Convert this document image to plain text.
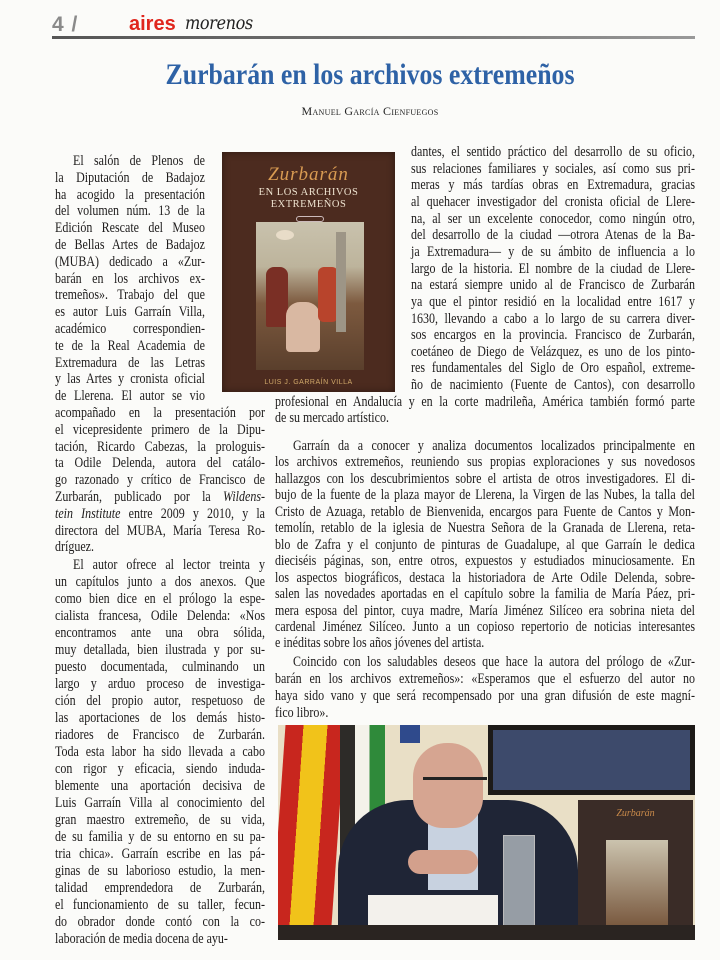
4 /	aires morenos
Zurbarán en los archivos extremeños
Manuel García Cienfuegos
Zurbarán
EN LOS ARCHIVOS
EXTREMEÑOS
LUIS J. GARRAÍN VILLA
El salón de Plenos de
la Diputación de Badajoz
ha acogido la presentación
del volumen núm. 13 de la
Edición Rescate del Museo
de Bellas Artes de Badajoz
(MUBA) dedicado a «Zur-
barán en los archivos ex-
tremeños». Trabajo del que
es autor Luis Garraín Villa,
académico correspondien-
te de la Real Academia de
Extremadura de las Letras
y las Artes y cronista oficial
de Llerena. El autor se vio
acompañado en la presentación por
el vicepresidente primero de la Dipu-
tación, Ricardo Cabezas, la prologuis-
ta Odile Delenda, autora del catálo-
go razonado y crítico de Francisco de
Zurbarán, publicado por la Wildens-
tein Institute entre 2009 y 2010, y la
directora del MUBA, María Teresa Ro-
dríguez.
El autor ofrece al lector treinta y
un capítulos junto a dos anexos. Que
como bien dice en el prólogo la espe-
cialista francesa, Odile Delenda: «Nos
encontramos ante una obra sólida,
muy detallada, bien ilustrada y por su-
puesto documentada, culminando un
largo y arduo proceso de investiga-
ción del propio autor, respetuoso de
las aportaciones de los demás histo-
riadores de Francisco de Zurbarán.
Toda esta labor ha sido llevada a cabo
con rigor y eficacia, siendo induda-
blemente una aportación decisiva de
Luis Garraín Villa al conocimiento del
gran maestro extremeño, de su vida,
de su familia y de su entorno en su pa-
tria chica». Garraín escribe en las pá-
ginas de su laborioso estudio, la men-
talidad emprendedora de Zurbarán,
el funcionamiento de su taller, fecun-
do obrador donde contó con la co-
laboración de media docena de ayu-
dantes, el sentido práctico del desarrollo de su oficio,
sus relaciones familiares y sociales, así como sus pri-
meras y más tardías obras en Extremadura, gracias
al quehacer investigador del cronista oficial de Llere-
na, al ser un excelente conocedor, como ningún otro,
del desarrollo de la ciudad —otrora Atenas de la Ba-
ja Extremadura— y de su ámbito de influencia a lo
largo de la historia. El nombre de la ciudad de Llere-
na estará siempre unido al de Francisco de Zurbarán
ya que el pintor residió en la localidad entre 1617 y
1630, llevando a cabo a lo largo de su carrera diver-
sos encargos en la provincia. Francisco de Zurbarán,
coetáneo de Diego de Velázquez, es uno de los pinto-
res fundamentales del Siglo de Oro español, extreme-
ño de nacimiento (Fuente de Cantos), con desarrollo
profesional en Andalucía y en la corte madrileña, América también formó parte
de su mercado artístico.
Garraín da a conocer y analiza documentos localizados principalmente en
los archivos extremeños, reuniendo sus propias exploraciones y sus novedosos
hallazgos con los descubrimientos sobre el artista de otros investigadores. El di-
bujo de la fuente de la plaza mayor de Llerena, la Virgen de las Nubes, la talla del
Cristo de Azuaga, retablo de Bienvenida, encargos para Fuente de Cantos y Mon-
temolín, retablo de la iglesia de Nuestra Señora de la Granada de Llerena, reta-
blo de Zafra y el conjunto de pinturas de Guadalupe, al que Garraín le dedica
dieciséis páginas, son, entre otros, expuestos y estudiados minuciosamente. En
los aspectos biográficos, destaca la historiadora de Arte Odile Delenda, sobre-
salen las novedades aportadas en el capítulo sobre la familia de María Páez, pri-
mera esposa del pintor, cuya madre, María Jiménez Silíceo era sobrina nieta del
cardenal Jiménez Silíceo. Junto a un copioso repertorio de noticias interesantes
e inéditas sobre los años jóvenes del artista.
Coincido con los saludables deseos que hace la autora del prólogo de «Zur-
barán en los archivos extremeños»: «Esperamos que el esfuerzo del autor no
haya sido vano y que será recompensado por una gran difusión de este magní-
fico libro».
Zurbarán
